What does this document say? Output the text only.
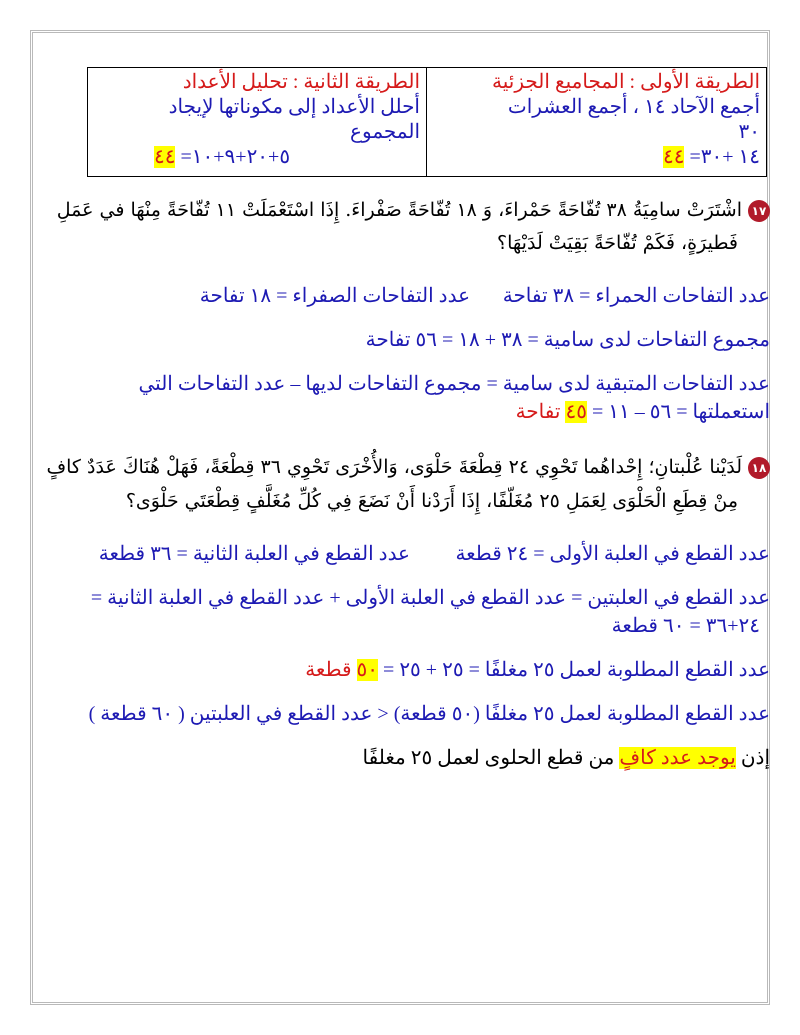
الطريقة الأولى : المجاميع الجزئية
أجمع الآحاد ١٤ ، أجمع العشرات
٣٠
١٤ +٣٠= ٤٤
الطريقة الثانية : تحليل الأعداد
أحلل الأعداد إلى مكوناتها لإيجاد المجموع
٥+٢٠+٩+١٠= ٤٤
١٧اشْتَرَتْ سامِيَةُ ٣٨ تُفّاحَةً حَمْراءَ، وَ ١٨ تُفّاحَةً صَفْراءَ. إِذَا اسْتَعْمَلَتْ ١١ تُفّاحَةً مِنْهَا في عَمَلِ
فَطيرَةٍ، فَكَمْ تُفّاحَةً بَقِيَتْ لَدَيْهَا؟
عدد التفاحات الحمراء = ٣٨ تفاحة
عدد التفاحات الصفراء = ١٨ تفاحة
مجموع التفاحات لدى سامية = ٣٨ + ١٨ = ٥٦ تفاحة
عدد التفاحات المتبقية لدى سامية = مجموع التفاحات لديها – عدد التفاحات التي
استعملتها = ٥٦ – ١١ = ٤٥ تفاحة
١٨لَدَيْنا عُلْبتانِ؛ إِحْداهُما تَحْوِي ٢٤ قِطْعَةَ حَلْوَى، وَالأُخْرَى تَحْوِي ٣٦ قِطْعَةً، فَهَلْ هُنَاكَ عَدَدٌ كافٍ
مِنْ قِطَعِ الْحَلْوَى لِعَمَلِ ٢٥ مُغَلّفًا، إِذَا أَرَدْنا أَنْ نَضَعَ فِي كُلِّ مُغَلَّفٍ قِطْعَتَي حَلْوَى؟
عدد القطع في العلبة الأولى = ٢٤ قطعة
عدد القطع في العلبة الثانية = ٣٦ قطعة
عدد القطع في العلبتين = عدد القطع في العلبة الأولى + عدد القطع في العلبة الثانية =
٢٤+٣٦ = ٦٠ قطعة
عدد القطع المطلوبة لعمل ٢٥ مغلفًا = ٢٥ + ٢٥ = ٥٠ قطعة
عدد القطع المطلوبة لعمل ٢٥ مغلفًا (٥٠ قطعة) < عدد القطع في العلبتين ( ٦٠ قطعة )
إذن يوجد عدد كافٍ من قطع الحلوى لعمل ٢٥ مغلفًا
